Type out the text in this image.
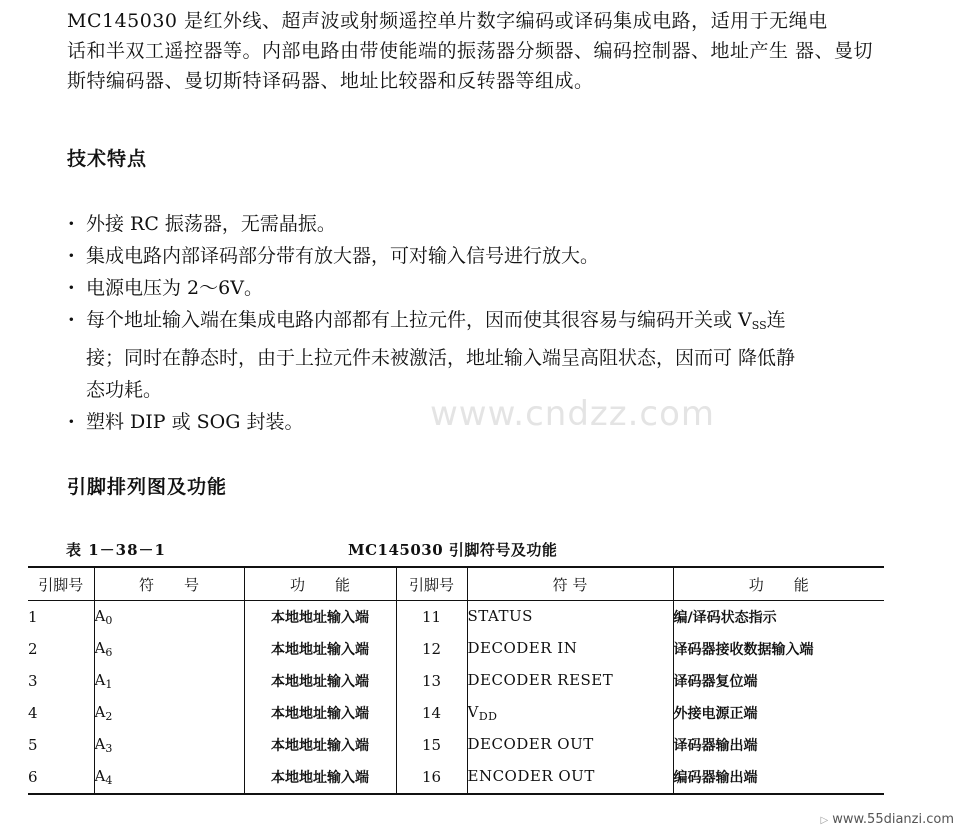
MC145030 是红外线、超声波或射频遥控单片数字编码或译码集成电路，适用于无绳电
话和半双工遥控器等。内部电路由带使能端的振荡器分频器、编码控制器、地址产生 器、曼切
斯特编码器、曼切斯特译码器、地址比较器和反转器等组成。
技术特点
· 外接 RC 振荡器，无需晶振。
· 集成电路内部译码部分带有放大器，可对输入信号进行放大。
· 电源电压为 2～6V。
· 每个地址输入端在集成电路内部都有上拉元件，因而使其很容易与编码开关或 $V_{SS}$连
接；同时在静态时，由于上拉元件未被激活，地址输入端呈高阻状态，因而可 降低静
态功耗。
· 塑料 DIP 或 SOG 封装。	www.cndzz.com
引脚排列图及功能
表 1－38－1	MC145030 引脚符号及功能
引脚号	符　　号	功　　能	引脚号	符 号	功　　能
1	$A_0$	本地地址输入端	11	STATUS	编/译码状态指示
2	$A_6$	本地地址输入端	12	DECODER IN	译码器接收数据输入端
3	$A_1$	本地地址输入端	13	DECODER RESET	译码器复位端
4	$A_2$	本地地址输入端	14	$V_{DD}$	外接电源正端
5	$A_3$	本地地址输入端	15	DECODER OUT	译码器输出端
6	$A_4$	本地地址输入端	16	ENCODER OUT	编码器输出端
▷ www.55dianzi.com
